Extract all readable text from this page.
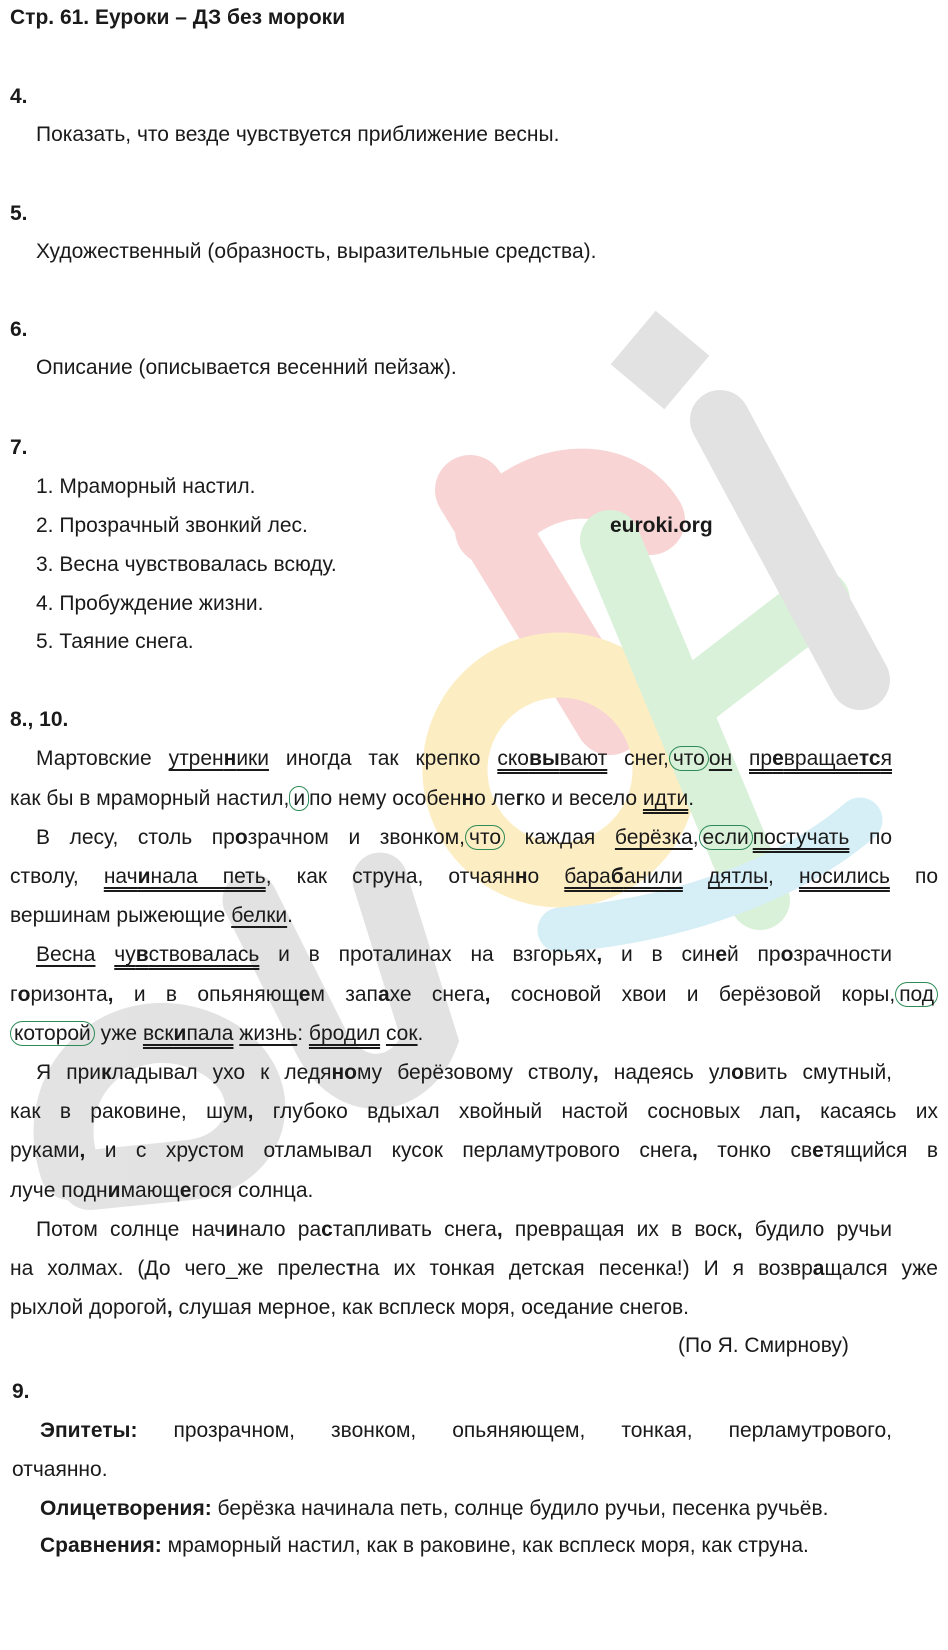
Стр. 61. Еуроки – ДЗ без мороки
4.
Показать, что везде чувствуется приближение весны.
5.
Художественный (образность, выразительные средства).
6.
Описание (описывается весенний пейзаж).
7.
1. Мраморный настил.
2. Прозрачный звонкий лес.	euroki.org
3. Весна чувствовалась всюду.
4. Пробуждение жизни.
5. Таяние снега.
8., 10.
Мартовские утренники иногда так крепко сковывают снег, что он превращается
как бы в мраморный настил, и по нему особенно легко и весело идти.
В лесу, столь прозрачном и звонком, что каждая берёзка, если постучать по
стволу, начинала петь, как струна, отчаянно барабанили дятлы, носились по
вершинам рыжеющие белки.
Весна чувствовалась и в проталинах на взгорьях, и в синей прозрачности
горизонта, и в опьяняющем запахе снега, сосновой хвои и берёзовой коры, под
которой уже вскипала жизнь: бродил сок.
Я прикладывал ухо к ледяному берёзовому стволу, надеясь уловить смутный,
как в раковине, шум, глубоко вдыхал хвойный настой сосновых лап, касаясь их
руками, и с хрустом отламывал кусок перламутрового снега, тонко светящийся в
луче поднимающегося солнца.
Потом солнце начинало растапливать снега, превращая их в воск, будило ручьи
на холмах. (До чего_же прелестна их тонкая детская песенка!) И я возвращался уже
рыхлой дорогой, слушая мерное, как всплеск моря, оседание снегов.
(По Я. Смирнову)
9.
Эпитеты: прозрачном, звонком, опьяняющем, тонкая, перламутрового,
отчаянно.
Олицетворения: берёзка начинала петь, солнце будило ручьи, песенка ручьёв.
Сравнения: мраморный настил, как в раковине, как всплеск моря, как струна.
